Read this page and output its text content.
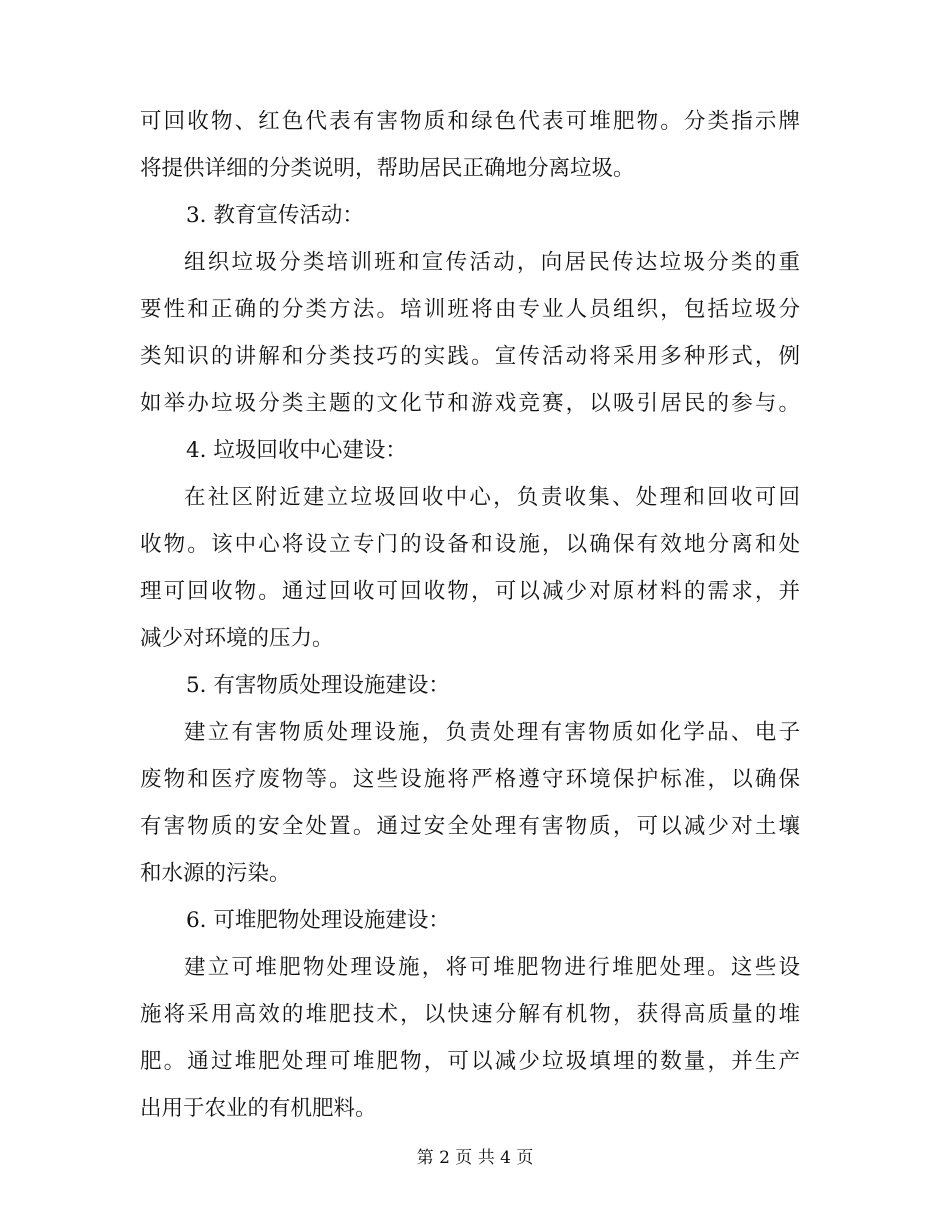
可回收物、红色代表有害物质和绿色代表可堆肥物。分类指示牌
将提供详细的分类说明，帮助居民正确地分离垃圾。
3. 教育宣传活动：
组织垃圾分类培训班和宣传活动，向居民传达垃圾分类的重
要性和正确的分类方法。培训班将由专业人员组织，包括垃圾分
类知识的讲解和分类技巧的实践。宣传活动将采用多种形式，例
如举办垃圾分类主题的文化节和游戏竞赛，以吸引居民的参与。
4. 垃圾回收中心建设：
在社区附近建立垃圾回收中心，负责收集、处理和回收可回
收物。该中心将设立专门的设备和设施，以确保有效地分离和处
理可回收物。通过回收可回收物，可以减少对原材料的需求，并
减少对环境的压力。
5. 有害物质处理设施建设：
建立有害物质处理设施，负责处理有害物质如化学品、电子
废物和医疗废物等。这些设施将严格遵守环境保护标准，以确保
有害物质的安全处置。通过安全处理有害物质，可以减少对土壤
和水源的污染。
6. 可堆肥物处理设施建设：
建立可堆肥物处理设施，将可堆肥物进行堆肥处理。这些设
施将采用高效的堆肥技术，以快速分解有机物，获得高质量的堆
肥。通过堆肥处理可堆肥物，可以减少垃圾填埋的数量，并生产
出用于农业的有机肥料。
第 2 页 共 4 页
